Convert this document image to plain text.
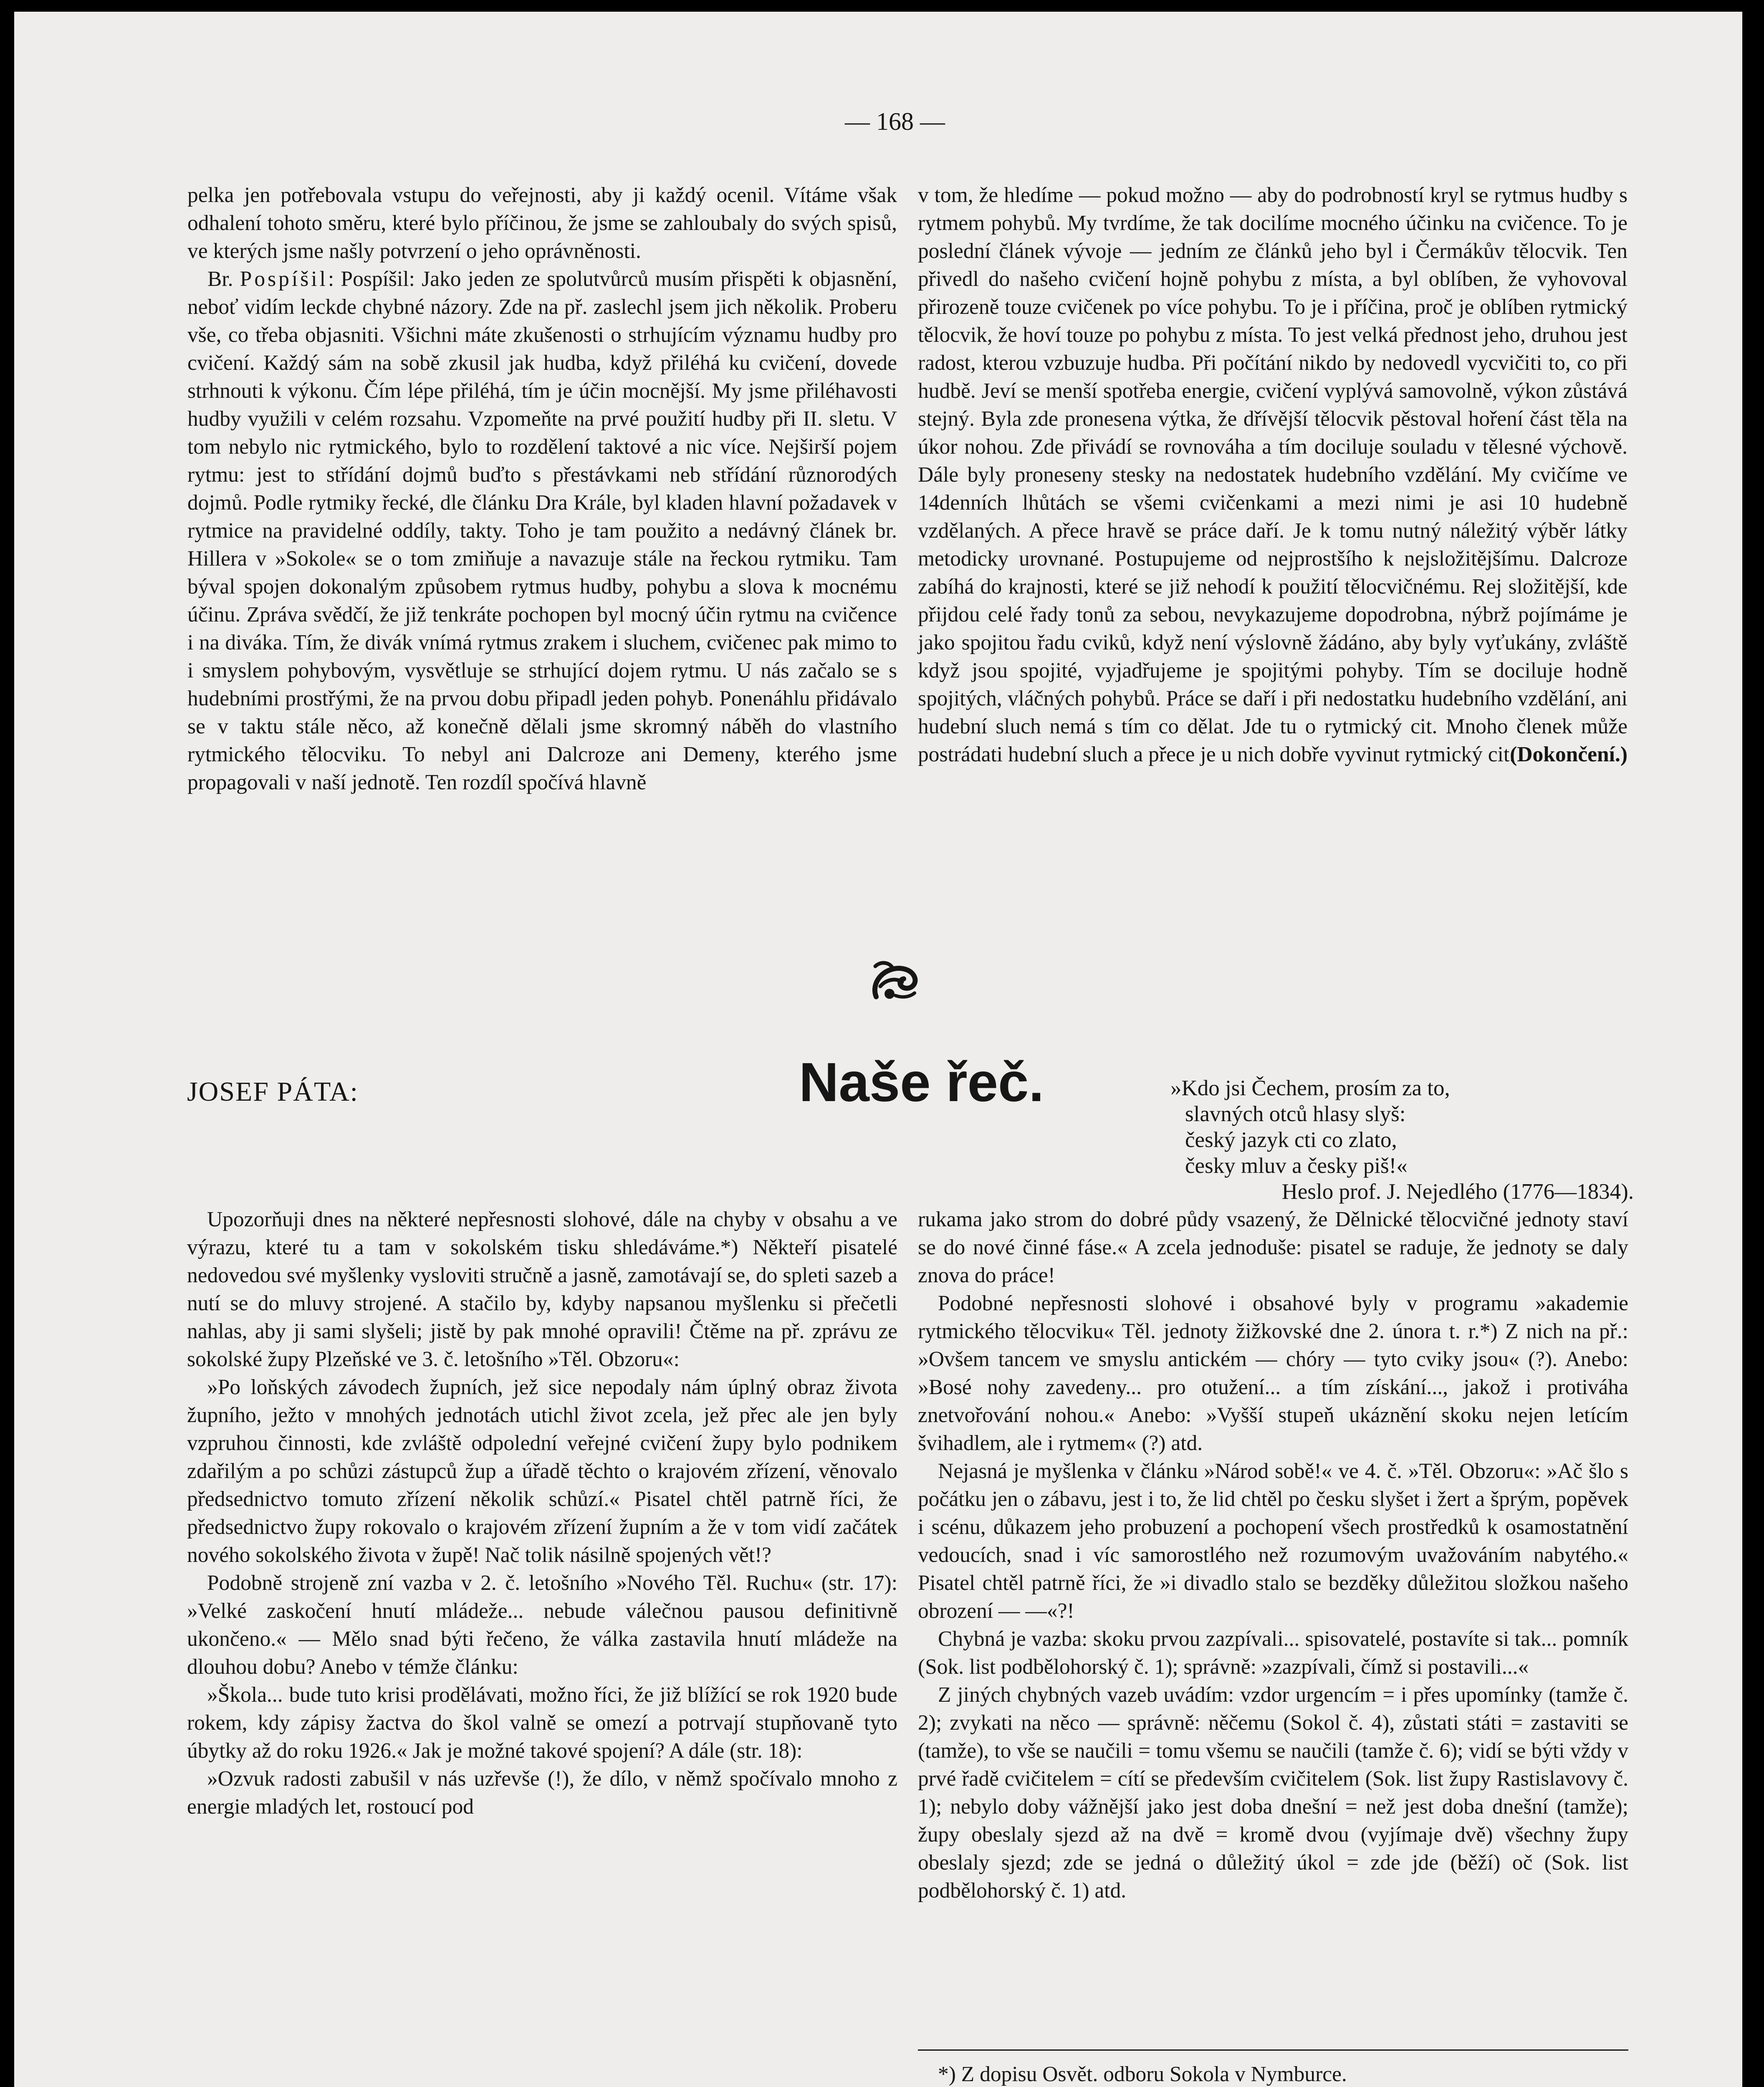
— 168 —

pelka jen potřebovala vstupu do veřejnosti, aby ji každý ocenil. Vítáme však odhalení tohoto směru, které bylo příčinou, že jsme se zahloubaly do svých spisů, ve kterých jsme našly potvrzení o jeho oprávněnosti.

Br. Pospíšil: Pospíšil: Jako jeden ze spolutvůrců musím přispěti k objasnění, neboť vidím leckde chybné názory. Zde na př. zaslechl jsem jich několik. Proberu vše, co třeba objasniti. Všichni máte zkušenosti o strhujícím významu hudby pro cvičení. Každý sám na sobě zkusil jak hudba, když přiléhá ku cvičení, dovede strhnouti k výkonu. Čím lépe přiléhá, tím je účin mocnější. My jsme přiléhavosti hudby využili v celém rozsahu. Vzpomeňte na prvé použití hudby při II. sletu. V tom nebylo nic rytmického, bylo to rozdělení taktové a nic více. Nejširší pojem rytmu: jest to střídání dojmů buďto s přestávkami neb střídání různorodých dojmů. Podle rytmiky řecké, dle článku Dra Krále, byl kladen hlavní požadavek v rytmice na pravidelné oddíly, takty. Toho je tam použito a nedávný článek br. Hillera v »Sokole« se o tom zmiňuje a navazuje stále na řeckou rytmiku. Tam býval spojen dokonalým způsobem rytmus hudby, pohybu a slova k mocnému účinu. Zpráva svědčí, že již tenkráte pochopen byl mocný účin rytmu na cvičence i na diváka. Tím, že divák vnímá rytmus zrakem i sluchem, cvičenec pak mimo to i smyslem pohybovým, vysvětluje se strhující dojem rytmu. U nás začalo se s hudebními prostřými, že na prvou dobu připadl jeden pohyb. Ponenáhlu přidávalo se v taktu stále něco, až konečně dělali jsme skromný náběh do vlastního rytmického tělocviku. To nebyl ani Dalcroze ani Demeny, kterého jsme propagovali v naší jednotě. Ten rozdíl spočívá hlavně

v tom, že hledíme — pokud možno — aby do podrobností kryl se rytmus hudby s rytmem pohybů. My tvrdíme, že tak docilíme mocného účinku na cvičence. To je poslední článek vývoje — jedním ze článků jeho byl i Čermákův tělocvik. Ten přivedl do našeho cvičení hojně pohybu z místa, a byl oblíben, že vyhovoval přirozeně touze cvičenek po více pohybu. To je i příčina, proč je oblíben rytmický tělocvik, že hoví touze po pohybu z místa. To jest velká přednost jeho, druhou jest radost, kterou vzbuzuje hudba. Při počítání nikdo by nedovedl vycvičiti to, co při hudbě. Jeví se menší spotřeba energie, cvičení vyplývá samovolně, výkon zůstává stejný. Byla zde pronesena výtka, že dřívější tělocvik pěstoval hoření část těla na úkor nohou. Zde přivádí se rovnováha a tím dociluje souladu v tělesné výchově. Dále byly proneseny stesky na nedostatek hudebního vzdělání. My cvičíme ve 14denních lhůtách se všemi cvičenkami a mezi nimi je asi 10 hudebně vzdělaných. A přece hravě se práce daří. Je k tomu nutný náležitý výběr látky metodicky urovnané. Postupujeme od nejprostšího k nejsložitějšímu. Dalcroze zabíhá do krajnosti, které se již nehodí k použití tělocvičnému. Rej složitější, kde přijdou celé řady tonů za sebou, nevykazujeme dopodrobna, nýbrž pojímáme je jako spojitou řadu cviků, když není výslovně žádáno, aby byly vyťukány, zvláště když jsou spojité, vyjadřujeme je spojitými pohyby. Tím se dociluje hodně spojitých, vláčných pohybů. Práce se daří i při nedostatku hudebního vzdělání, ani hudební sluch nemá s tím co dělat. Jde tu o rytmický cit. Mnoho členek může postrádati hudební sluch a přece je u nich dobře vyvinut rytmický cit.

(Dokončení.)
JOSEF PÁTA:	Naše řeč.	»Kdo jsi Čechem, prosím za to,
slavných otců hlasy slyš:
český jazyk cti co zlato,
česky mluv a česky piš!«
Heslo prof. J. Nejedlého (1776—1834).

Upozorňuji dnes na některé nepřesnosti slohové, dále na chyby v obsahu a ve výrazu, které tu a tam v sokolském tisku shledáváme.*) Někteří pisatelé nedovedou své myšlenky vysloviti stručně a jasně, zamotávají se, do spleti sazeb a nutí se do mluvy strojené. A stačilo by, kdyby napsanou myšlenku si přečetli nahlas, aby ji sami slyšeli; jistě by pak mnohé opravili! Čtěme na př. zprávu ze sokolské župy Plzeňské ve 3. č. letošního »Těl. Obzoru«:

»Po loňských závodech župních, jež sice nepodaly nám úplný obraz života župního, ježto v mnohých jednotách utichl život zcela, jež přec ale jen byly vzpruhou činnosti, kde zvláště odpolední veřejné cvičení župy bylo podnikem zdařilým a po schůzi zástupců žup a úřadě těchto o krajovém zřízení, věnovalo předsednictvo tomuto zřízení několik schůzí.« Pisatel chtěl patrně říci, že předsednictvo župy rokovalo o krajovém zřízení župním a že v tom vidí začátek nového sokolského života v župě! Nač tolik násilně spojených vět!?

Podobně strojeně zní vazba v 2. č. letošního »Nového Těl. Ruchu« (str. 17): »Velké zaskočení hnutí mládeže... nebude válečnou pausou definitivně ukončeno.« — Mělo snad býti řečeno, že válka zastavila hnutí mládeže na dlouhou dobu? Anebo v témže článku:

»Škola... bude tuto krisi prodělávati, možno říci, že již blížící se rok 1920 bude rokem, kdy zápisy žactva do škol valně se omezí a potrvají stupňovaně tyto úbytky až do roku 1926.« Jak je možné takové spojení? A dále (str. 18):

»Ozvuk radosti zabušil v nás uzřevše (!), že dílo, v němž spočívalo mnoho z energie mladých let, rostoucí pod

rukama jako strom do dobré půdy vsazený, že Dělnické tělocvičné jednoty staví se do nové činné fáse.« A zcela jednoduše: pisatel se raduje, že jednoty se daly znova do práce!

Podobné nepřesnosti slohové i obsahové byly v programu »akademie rytmického tělocviku« Těl. jednoty žižkovské dne 2. února t. r.*) Z nich na př.: »Ovšem tancem ve smyslu antickém — chóry — tyto cviky jsou« (?). Anebo: »Bosé nohy zavedeny... pro otužení... a tím získání..., jakož i protiváha znetvořování nohou.« Anebo: »Vyšší stupeň ukáznění skoku nejen letícím švihadlem, ale i rytmem« (?) atd.

Nejasná je myšlenka v článku »Národ sobě!« ve 4. č. »Těl. Obzoru«: »Ač šlo s počátku jen o zábavu, jest i to, že lid chtěl po česku slyšet i žert a šprým, popěvek i scénu, důkazem jeho probuzení a pochopení všech prostředků k osamostatnění vedoucích, snad i víc samorostlého než rozumovým uvažováním nabytého.« Pisatel chtěl patrně říci, že »i divadlo stalo se bezděky důležitou složkou našeho obrození — —«?!

Chybná je vazba: skoku prvou zazpívali... spisovatelé, postavíte si tak... pomník (Sok. list podbělohorský č. 1); správně: »zazpívali, čímž si postavili...«

Z jiných chybných vazeb uvádím: vzdor urgencím = i přes upomínky (tamže č. 2); zvykati na něco — správně: něčemu (Sokol č. 4), zůstati státi = zastaviti se (tamže), to vše se naučili = tomu všemu se naučili (tamže č. 6); vidí se býti vždy v prvé řadě cvičitelem = cítí se především cvičitelem (Sok. list župy Rastislavovy č. 1); nebylo doby vážnější jako jest doba dnešní = než jest doba dnešní (tamže); župy obeslaly sjezd až na dvě = kromě dvou (vyjímaje dvě) všechny župy obeslaly sjezd; zde se jedná o důležitý úkol = zde jde (běží) oč (Sok. list podbělohorský č. 1) atd.

*) Z dopisu Osvět. odboru Sokola v Nymburce.
